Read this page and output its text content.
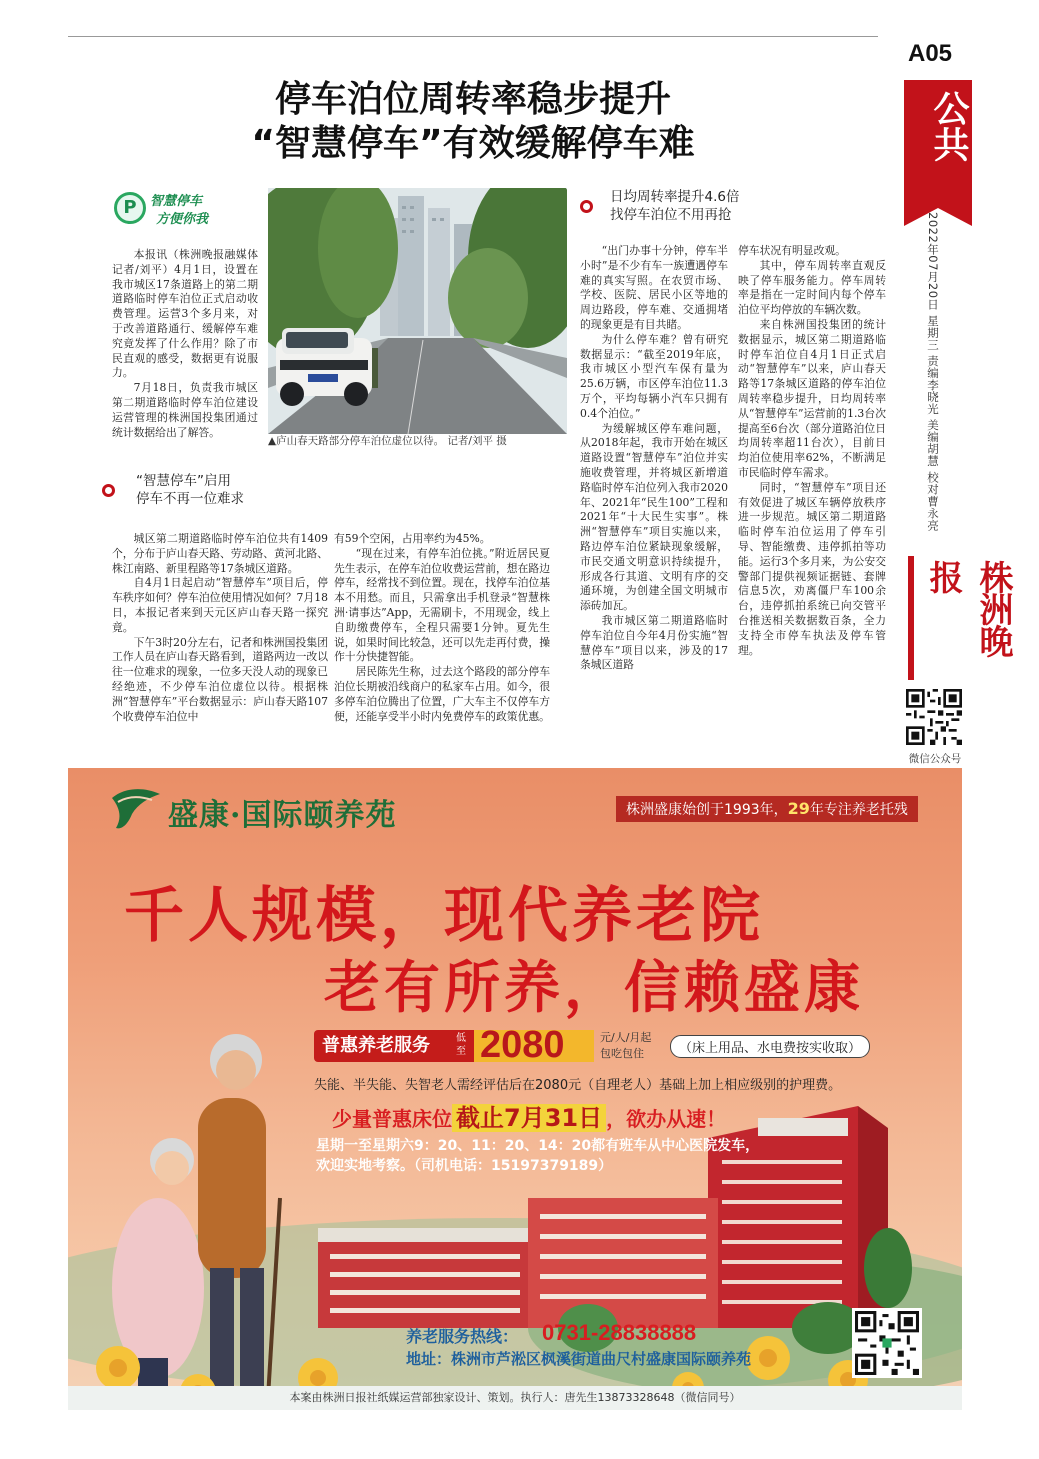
A05
公共
2022年07月20日 星期三 责编李晓光 美编胡慧 校对曹永亮
株洲晚报
微信公众号
停车泊位周转率稳步提升
“智慧停车”有效缓解停车难
P	智慧停车
方便你我

本报讯（株洲晚报融媒体记者/刘平）4月1日，设置在我市城区17条道路上的第二期道路临时停车泊位正式启动收费管理。运营3个多月来，对于改善道路通行、缓解停车难究竟发挥了什么作用？除了市民直观的感受，数据更有说服力。

7月18日，负责我市城区第二期道路临时停车泊位建设运营管理的株洲国投集团通过统计数据给出了解答。

▲庐山春天路部分停车泊位虚位以待。 记者/刘平 摄
“智慧停车”启用
停车不再一位难求

城区第二期道路临时停车泊位共有1409个，分布于庐山春天路、劳动路、黄河北路、株江南路、新里程路等17条城区道路。

自4月1日起启动“智慧停车”项目后，停车秩序如何？停车泊位使用情况如何？7月18日，本报记者来到天元区庐山春天路一探究竟。

下午3时20分左右，记者和株洲国投集团工作人员在庐山春天路看到，道路两边一改以往一位难求的现象，一位多天没人动的现象已经绝迹，不少停车泊位虚位以待。根据株洲“智慧停车”平台数据显示：庐山春天路107个收费停车泊位中

有59个空闲，占用率约为45%。

“现在过来，有停车泊位挑。”附近居民夏先生表示，在停车泊位收费运营前，想在路边停车，经常找不到位置。现在，找停车泊位基本不用愁。而且，只需拿出手机登录“智慧株洲·请事达”App，无需刷卡，不用现金，线上自助缴费停车，全程只需要1分钟。夏先生说，如果时间比较急，还可以先走再付费，操作十分快捷智能。

居民陈先生称，过去这个路段的部分停车泊位长期被沿线商户的私家车占用。如今，很多停车泊位腾出了位置，广大车主不仅停车方便，还能享受半小时内免费停车的政策优惠。

日均周转率提升4.6倍
找停车泊位不用再抢

“出门办事十分钟，停车半小时”是不少有车一族遭遇停车难的真实写照。在农贸市场、学校、医院、居民小区等地的周边路段，停车难、交通拥堵的现象更是有目共睹。

为什么停车难？曾有研究数据显示：“截至2019年底，我市城区小型汽车保有量为25.6万辆，市区停车泊位11.3万个，平均每辆小汽车只拥有0.4个泊位。”

为缓解城区停车难问题，从2018年起，我市开始在城区道路设置“智慧停车”泊位并实施收费管理，并将城区新增道路临时停车泊位列入我市2020年、2021年“民生100”工程和2021年“十大民生实事”。株洲“智慧停车”项目实施以来，路边停车泊位紧缺现象缓解，市民交通文明意识持续提升，形成各行其道、文明有序的交通环境，为创建全国文明城市添砖加瓦。

我市城区第二期道路临时停车泊位自今年4月份实施“智慧停车”项目以来，涉及的17条城区道路

停车状况有明显改观。

其中，停车周转率直观反映了停车服务能力。停车周转率是指在一定时间内每个停车泊位平均停放的车辆次数。

来自株洲国投集团的统计数据显示，城区第二期道路临时停车泊位自4月1日正式启动“智慧停车”以来，庐山春天路等17条城区道路的停车泊位周转率稳步提升，日均周转率从“智慧停车”运营前的1.3台次提高至6台次（部分道路泊位日均周转率超11台次），目前日均泊位使用率62%，不断满足市民临时停车需求。

同时，“智慧停车”项目还有效促进了城区车辆停放秩序进一步规范。城区第二期道路临时停车泊位运用了停车引导、智能缴费、违停抓拍等功能。运行3个多月来，为公安交警部门提供视频证据链、套牌信息5次，劝离僵尸车100余台，违停抓拍系统已向交管平台推送相关数据数百条，全力支持全市停车执法及停车管理。

盛康·国际颐养苑	株洲盛康始创于1993年，29年专注养老托残
千人规模，现代养老院
老有所养，信赖盛康
普惠养老服务	低至 2080	元/人/月起
包吃包住	（床上用品、水电费按实收取）
失能、半失能、失智老人需经评估后在2080元（自理老人）基础上加上相应级别的护理费。
少量普惠床位 截止7月31日 ，欲办从速！
星期一至星期六9：20、11：20、14：20都有班车从中心医院发车，
欢迎实地考察。（司机电话：15197379189）
养老服务热线： 0731-28838888
地址：株洲市芦淞区枫溪街道曲尺村盛康国际颐养苑
本案由株洲日报社纸媒运营部独家设计、策划。执行人：唐先生13873328648（微信同号）
